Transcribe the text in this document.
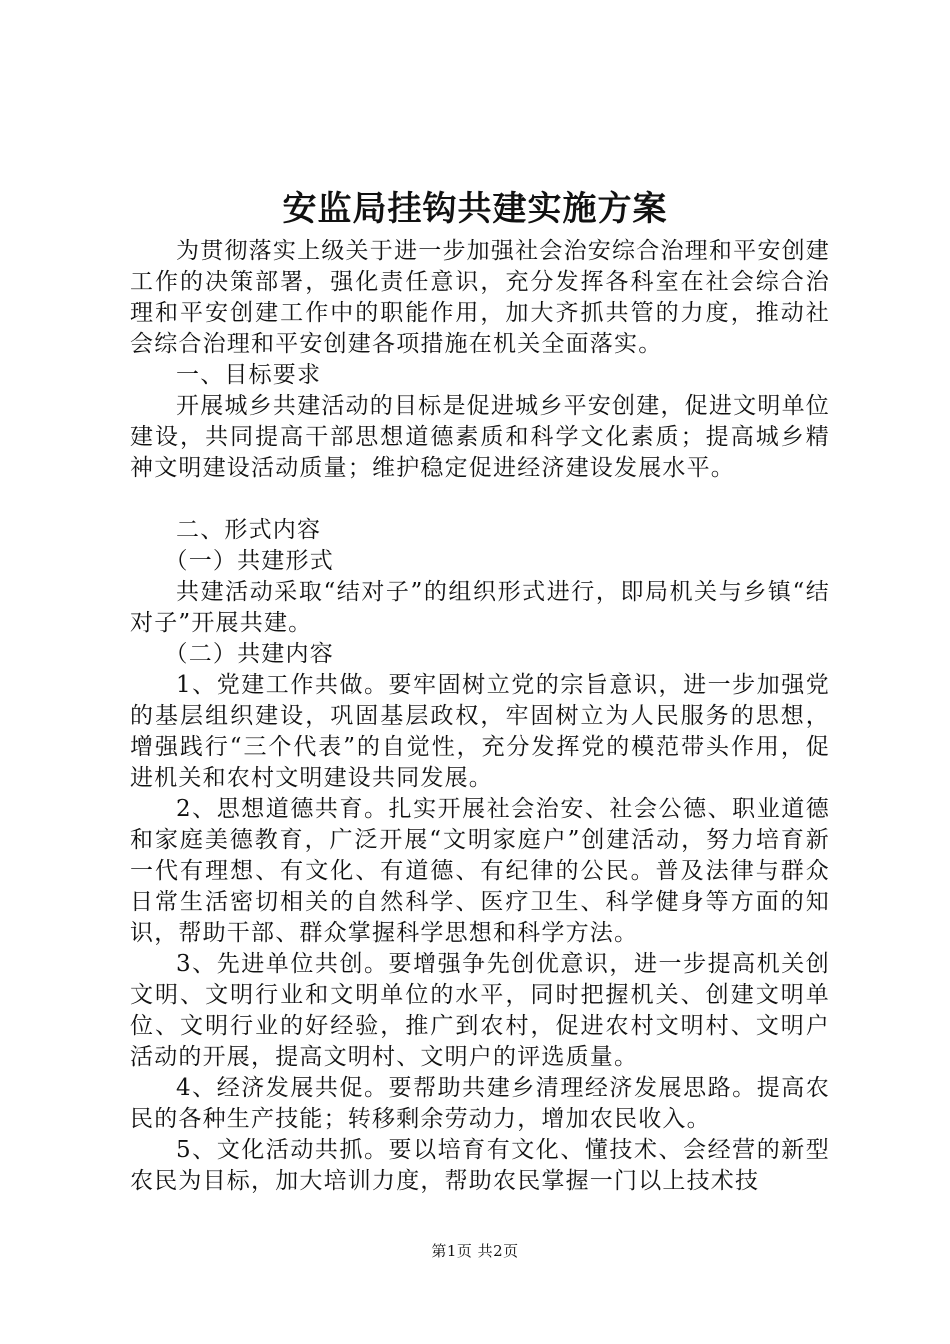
安监局挂钩共建实施方案

为贯彻落实上级关于进一步加强社会治安综合治理和平安创建工作的决策部署，强化责任意识，充分发挥各科室在社会综合治理和平安创建工作中的职能作用，加大齐抓共管的力度，推动社会综合治理和平安创建各项措施在机关全面落实。

一、目标要求

开展城乡共建活动的目标是促进城乡平安创建，促进文明单位建设，共同提高干部思想道德素质和科学文化素质；提高城乡精神文明建设活动质量；维护稳定促进经济建设发展水平。

二、形式内容

（一）共建形式

共建活动采取“结对子”的组织形式进行，即局机关与乡镇“结对子”开展共建。

（二）共建内容

1、党建工作共做。要牢固树立党的宗旨意识，进一步加强党的基层组织建设，巩固基层政权，牢固树立为人民服务的思想，增强践行“三个代表”的自觉性，充分发挥党的模范带头作用，促进机关和农村文明建设共同发展。

2、思想道德共育。扎实开展社会治安、社会公德、职业道德和家庭美德教育，广泛开展“文明家庭户”创建活动，努力培育新一代有理想、有文化、有道德、有纪律的公民。普及法律与群众日常生活密切相关的自然科学、医疗卫生、科学健身等方面的知识，帮助干部、群众掌握科学思想和科学方法。

3、先进单位共创。要增强争先创优意识，进一步提高机关创文明、文明行业和文明单位的水平，同时把握机关、创建文明单位、文明行业的好经验，推广到农村，促进农村文明村、文明户活动的开展，提高文明村、文明户的评选质量。

4、经济发展共促。要帮助共建乡清理经济发展思路。提高农民的各种生产技能；转移剩余劳动力，增加农民收入。

5、文化活动共抓。要以培育有文化、懂技术、会经营的新型农民为目标，加大培训力度，帮助农民掌握一门以上技术技

第1页 共2页
